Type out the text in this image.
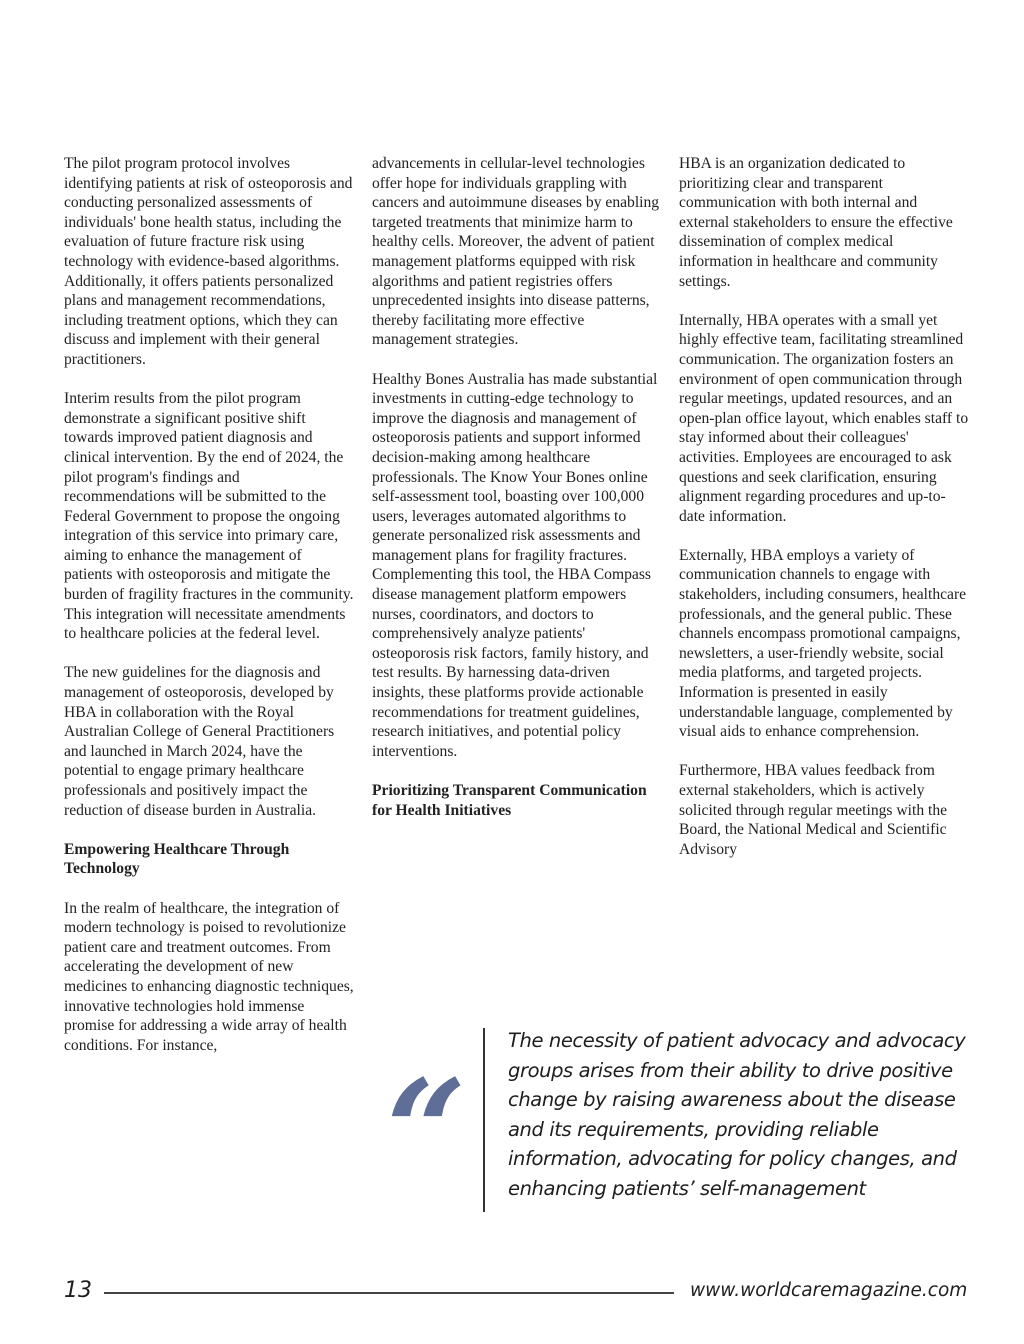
The pilot program protocol involves identifying patients at risk of osteoporosis and conducting personalized assessments of individuals' bone health status, including the evaluation of future fracture risk using technology with evidence-based algorithms. Additionally, it offers patients personalized plans and management recommendations, including treatment options, which they can discuss and implement with their general practitioners.

Interim results from the pilot program demonstrate a significant positive shift towards improved patient diagnosis and clinical intervention. By the end of 2024, the pilot program's findings and recommendations will be submitted to the Federal Government to propose the ongoing integration of this service into primary care, aiming to enhance the management of patients with osteoporosis and mitigate the burden of fragility fractures in the community. This integration will necessitate amendments to healthcare policies at the federal level.

The new guidelines for the diagnosis and management of osteoporosis, developed by HBA in collaboration with the Royal Australian College of General Practitioners and launched in March 2024, have the potential to engage primary healthcare professionals and positively impact the reduction of disease burden in Australia.

Empowering Healthcare Through Technology

In the realm of healthcare, the integration of modern technology is poised to revolutionize patient care and treatment outcomes. From accelerating the development of new medicines to enhancing diagnostic techniques, innovative technologies hold immense promise for addressing a wide array of health conditions. For instance,

advancements in cellular-level technologies offer hope for individuals grappling with cancers and autoimmune diseases by enabling targeted treatments that minimize harm to healthy cells. Moreover, the advent of patient management platforms equipped with risk algorithms and patient registries offers unprecedented insights into disease patterns, thereby facilitating more effective management strategies.

Healthy Bones Australia has made substantial investments in cutting-edge technology to improve the diagnosis and management of osteoporosis patients and support informed decision-making among healthcare professionals. The Know Your Bones online self-assessment tool, boasting over 100,000 users, leverages automated algorithms to generate personalized risk assessments and management plans for fragility fractures. Complementing this tool, the HBA Compass disease management platform empowers nurses, coordinators, and doctors to comprehensively analyze patients' osteoporosis risk factors, family history, and test results. By harnessing data-driven insights, these platforms provide actionable recommendations for treatment guidelines, research initiatives, and potential policy interventions.

Prioritizing Transparent Communication for Health Initiatives

HBA is an organization dedicated to prioritizing clear and transparent communication with both internal and external stakeholders to ensure the effective dissemination of complex medical information in healthcare and community settings.

Internally, HBA operates with a small yet highly effective team, facilitating streamlined communication. The organization fosters an environment of open communication through regular meetings, updated resources, and an open-plan office layout, which enables staff to stay informed about their colleagues' activities. Employees are encouraged to ask questions and seek clarification, ensuring alignment regarding procedures and up-to-date information.

Externally, HBA employs a variety of communication channels to engage with stakeholders, including consumers, healthcare professionals, and the general public. These channels encompass promotional campaigns, newsletters, a user-friendly website, social media platforms, and targeted projects. Information is presented in easily understandable language, complemented by visual aids to enhance comprehension.

Furthermore, HBA values feedback from external stakeholders, which is actively solicited through regular meetings with the Board, the National Medical and Scientific Advisory

“
The necessity of patient advocacy and advocacy groups arises from their ability to drive positive change by raising awareness about the disease and its requirements, providing reliable information, advocating for policy changes, and enhancing patients’ self-management
13	www.worldcaremagazine.com
